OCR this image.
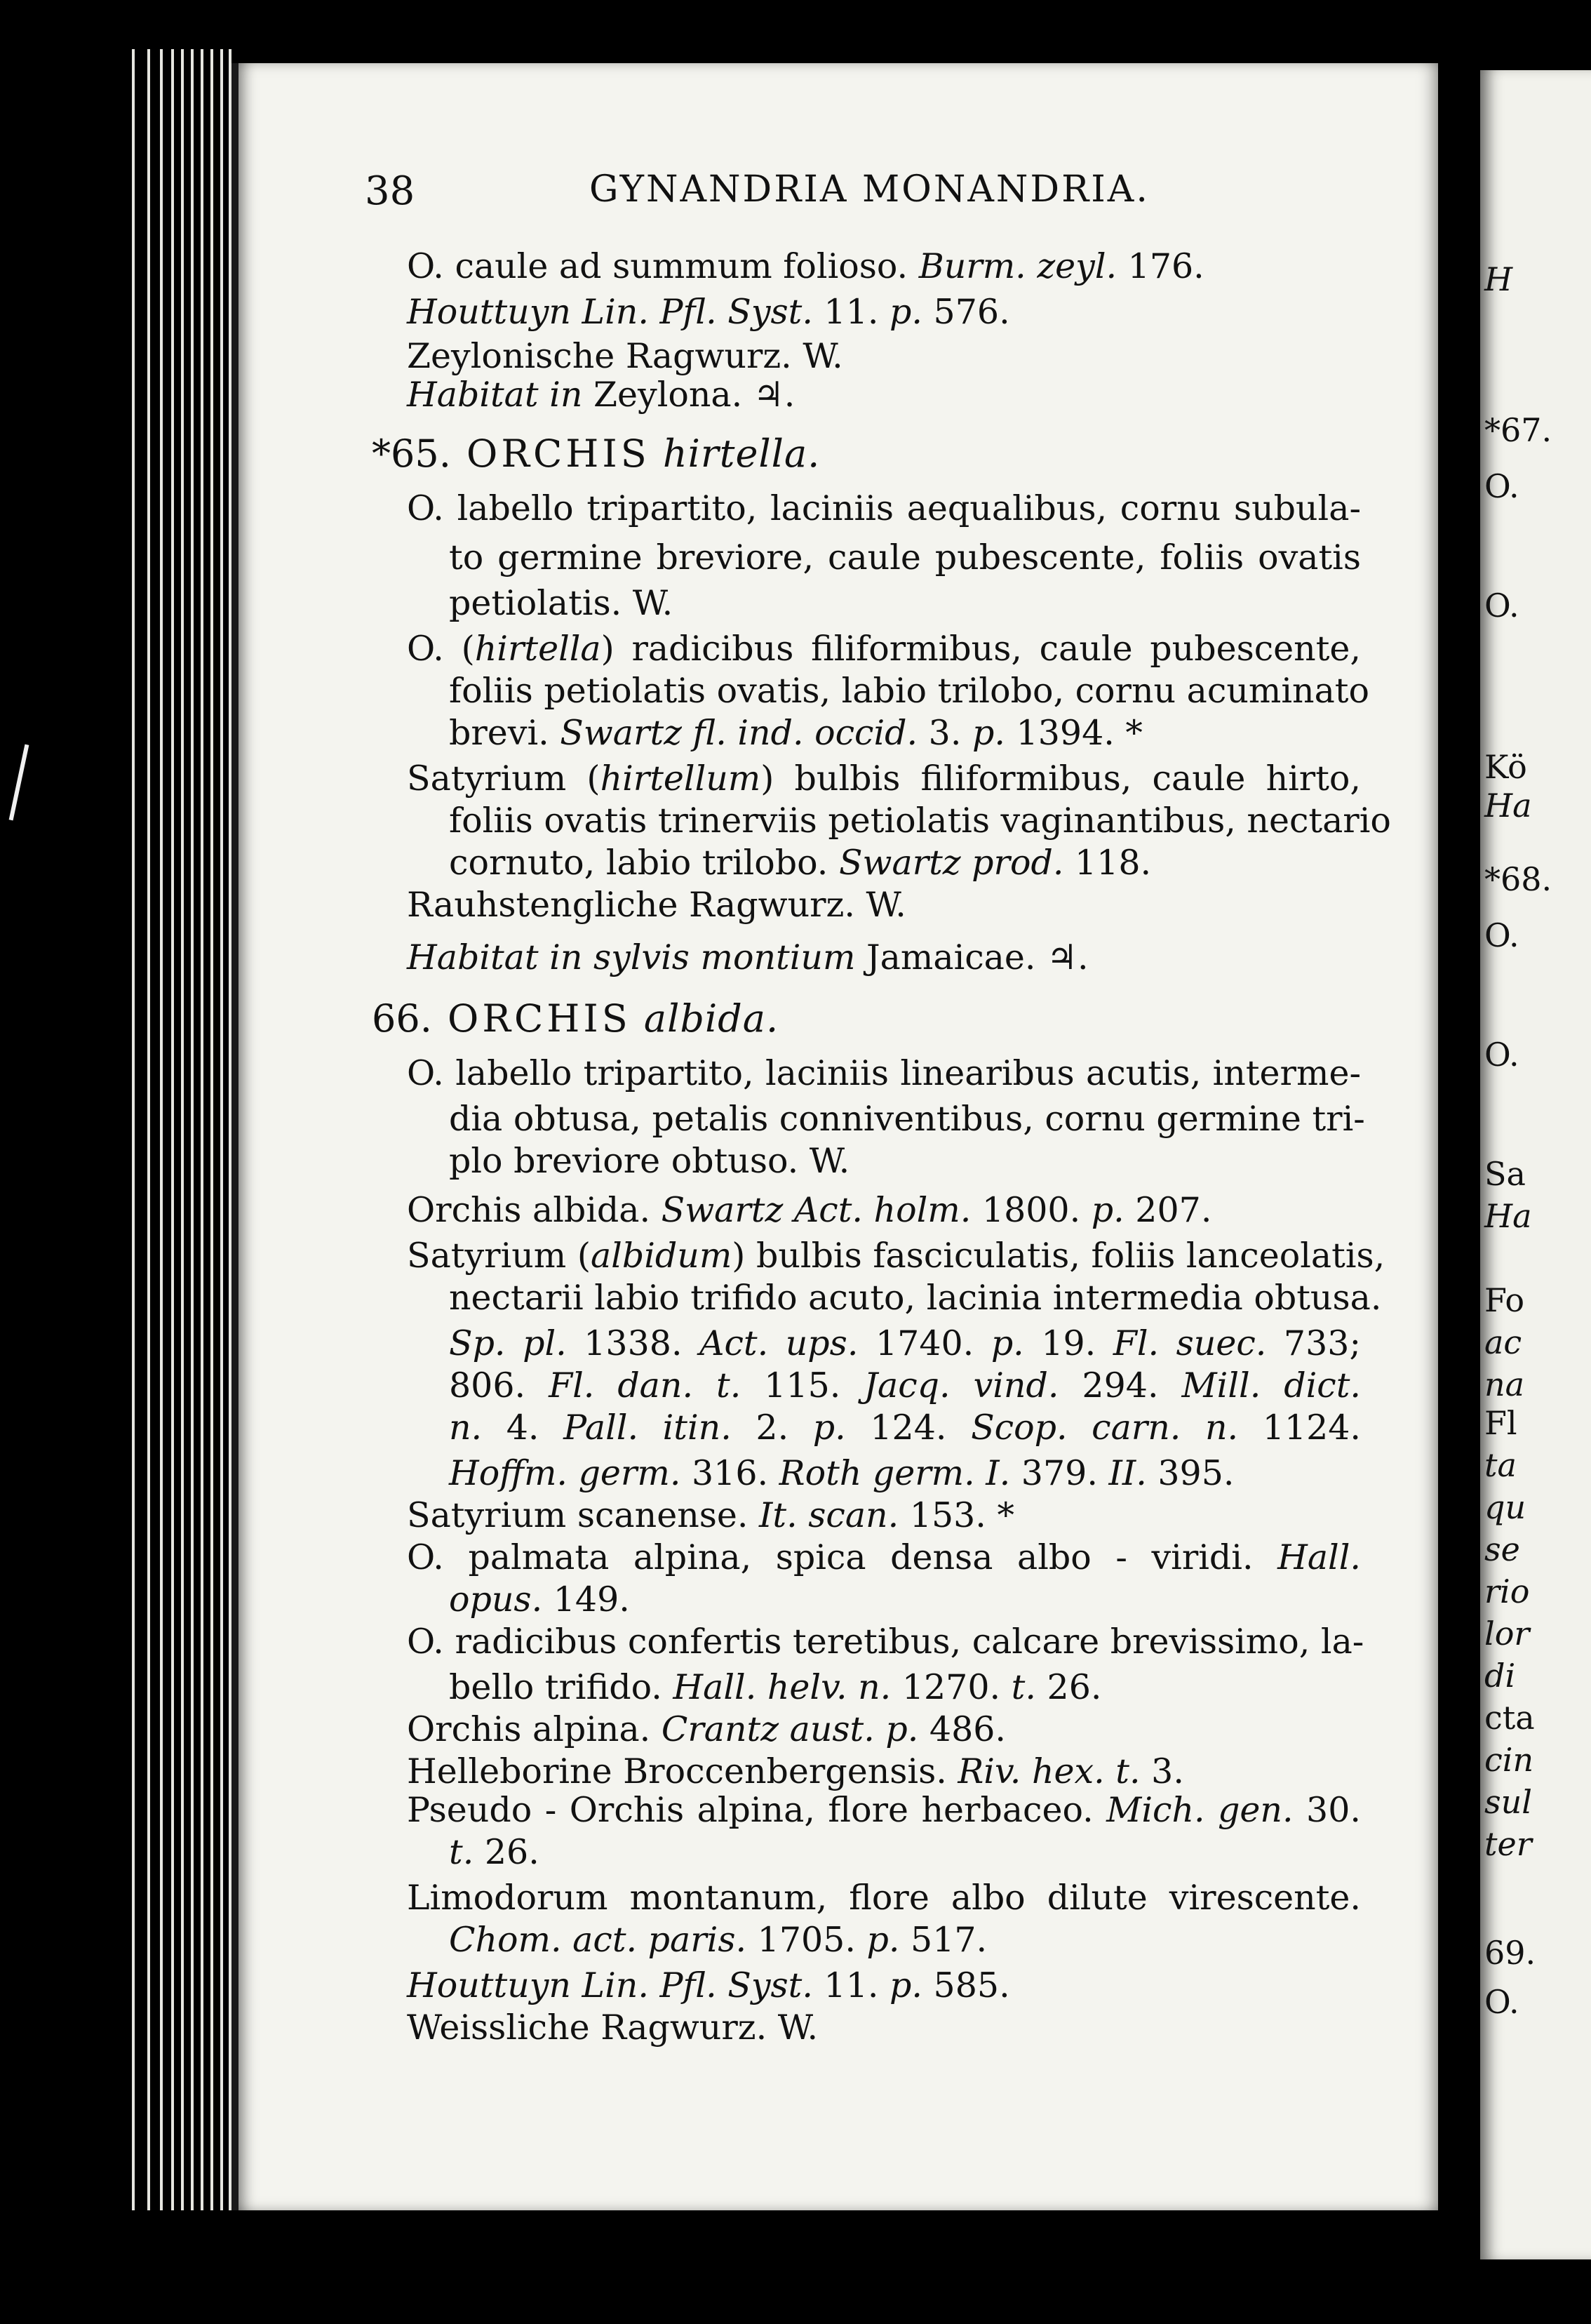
H
*67.
O.
O.
Kö
Ha
*68.
O.
O.
Sa
Ha
Fo
ac
na
Fl
ta
qu
se
rio
lor
di
cta
cin
sul
ter
69.
O.
38	GYNANDRIA MONANDRIA.
O. caule ad summum folioso. Burm. zeyl. 176.
Houttuyn Lin. Pfl. Syst. 11. p. 576.
Zeylonische Ragwurz. W.
Habitat in Zeylona. ♃.
*65. ORCHIS hirtella.
O. labello tripartito, laciniis aequalibus, cornu subula-
to germine breviore, caule pubescente, foliis ovatis
petiolatis. W.
O. (hirtella) radicibus filiformibus, caule pubescente,
foliis petiolatis ovatis, labio trilobo, cornu acuminato
brevi. Swartz fl. ind. occid. 3. p. 1394. *
Satyrium (hirtellum) bulbis filiformibus, caule hirto,
foliis ovatis trinerviis petiolatis vaginantibus, nectario
cornuto, labio trilobo. Swartz prod. 118.
Rauhstengliche Ragwurz. W.
Habitat in sylvis montium Jamaicae. ♃.
66. ORCHIS albida.
O. labello tripartito, laciniis linearibus acutis, interme-
dia obtusa, petalis conniventibus, cornu germine tri-
plo breviore obtuso. W.
Orchis albida. Swartz Act. holm. 1800. p. 207.
Satyrium (albidum) bulbis fasciculatis, foliis lanceolatis,
nectarii labio trifido acuto, lacinia intermedia obtusa.
Sp. pl. 1338. Act. ups. 1740. p. 19. Fl. suec. 733;
806. Fl. dan. t. 115. Jacq. vind. 294. Mill. dict.
n. 4. Pall. itin. 2. p. 124. Scop. carn. n. 1124.
Hoffm. germ. 316. Roth germ. I. 379. II. 395.
Satyrium scanense. It. scan. 153. *
O. palmata alpina, spica densa albo - viridi. Hall.
opus. 149.
O. radicibus confertis teretibus, calcare brevissimo, la-
bello trifido. Hall. helv. n. 1270. t. 26.
Orchis alpina. Crantz aust. p. 486.
Helleborine Broccenbergensis. Riv. hex. t. 3.
Pseudo - Orchis alpina, flore herbaceo. Mich. gen. 30.
t. 26.
Limodorum montanum, flore albo dilute virescente.
Chom. act. paris. 1705. p. 517.
Houttuyn Lin. Pfl. Syst. 11. p. 585.
Weissliche Ragwurz. W.
